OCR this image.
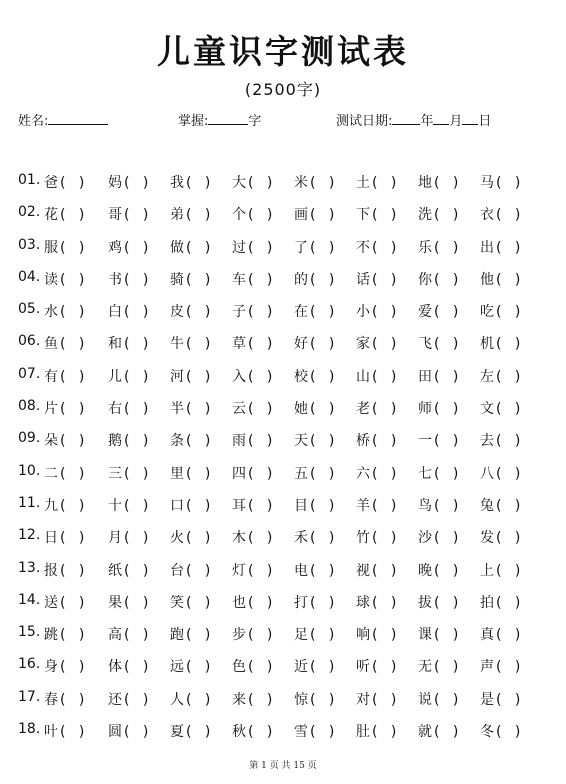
儿童识字测试表
(2500字)
姓名:	掌握:	字	测试日期: 年 月 日
01. 爸 (   ) 妈 (   ) 我 (   ) 大 (   ) 米 (   ) 土 (   ) 地 (   ) 马 (   )
02. 花 (   ) 哥 (   ) 弟 (   ) 个 (   ) 画 (   ) 下 (   ) 洗 (   ) 衣 (   )
03. 服 (   ) 鸡 (   ) 做 (   ) 过 (   ) 了 (   ) 不 (   ) 乐 (   ) 出 (   )
04. 读 (   ) 书 (   ) 骑 (   ) 车 (   ) 的 (   ) 话 (   ) 你 (   ) 他 (   )
05. 水 (   ) 白 (   ) 皮 (   ) 子 (   ) 在 (   ) 小 (   ) 爱 (   ) 吃 (   )
06. 鱼 (   ) 和 (   ) 牛 (   ) 草 (   ) 好 (   ) 家 (   ) 飞 (   ) 机 (   )
07. 有 (   ) 儿 (   ) 河 (   ) 入 (   ) 校 (   ) 山 (   ) 田 (   ) 左 (   )
08. 片 (   ) 右 (   ) 半 (   ) 云 (   ) 她 (   ) 老 (   ) 师 (   ) 文 (   )
09. 朵 (   ) 鹅 (   ) 条 (   ) 雨 (   ) 天 (   ) 桥 (   ) 一 (   ) 去 (   )
10. 二 (   ) 三 (   ) 里 (   ) 四 (   ) 五 (   ) 六 (   ) 七 (   ) 八 (   )
11. 九 (   ) 十 (   ) 口 (   ) 耳 (   ) 目 (   ) 羊 (   ) 鸟 (   ) 兔 (   )
12. 日 (   ) 月 (   ) 火 (   ) 木 (   ) 禾 (   ) 竹 (   ) 沙 (   ) 发 (   )
13. 报 (   ) 纸 (   ) 台 (   ) 灯 (   ) 电 (   ) 视 (   ) 晚 (   ) 上 (   )
14. 送 (   ) 果 (   ) 笑 (   ) 也 (   ) 打 (   ) 球 (   ) 拔 (   ) 拍 (   )
15. 跳 (   ) 高 (   ) 跑 (   ) 步 (   ) 足 (   ) 响 (   ) 课 (   ) 真 (   )
16. 身 (   ) 体 (   ) 远 (   ) 色 (   ) 近 (   ) 听 (   ) 无 (   ) 声 (   )
17. 春 (   ) 还 (   ) 人 (   ) 来 (   ) 惊 (   ) 对 (   ) 说 (   ) 是 (   )
18. 叶 (   ) 圆 (   ) 夏 (   ) 秋 (   ) 雪 (   ) 肚 (   ) 就 (   ) 冬 (   )
第 1 页 共 15 页
